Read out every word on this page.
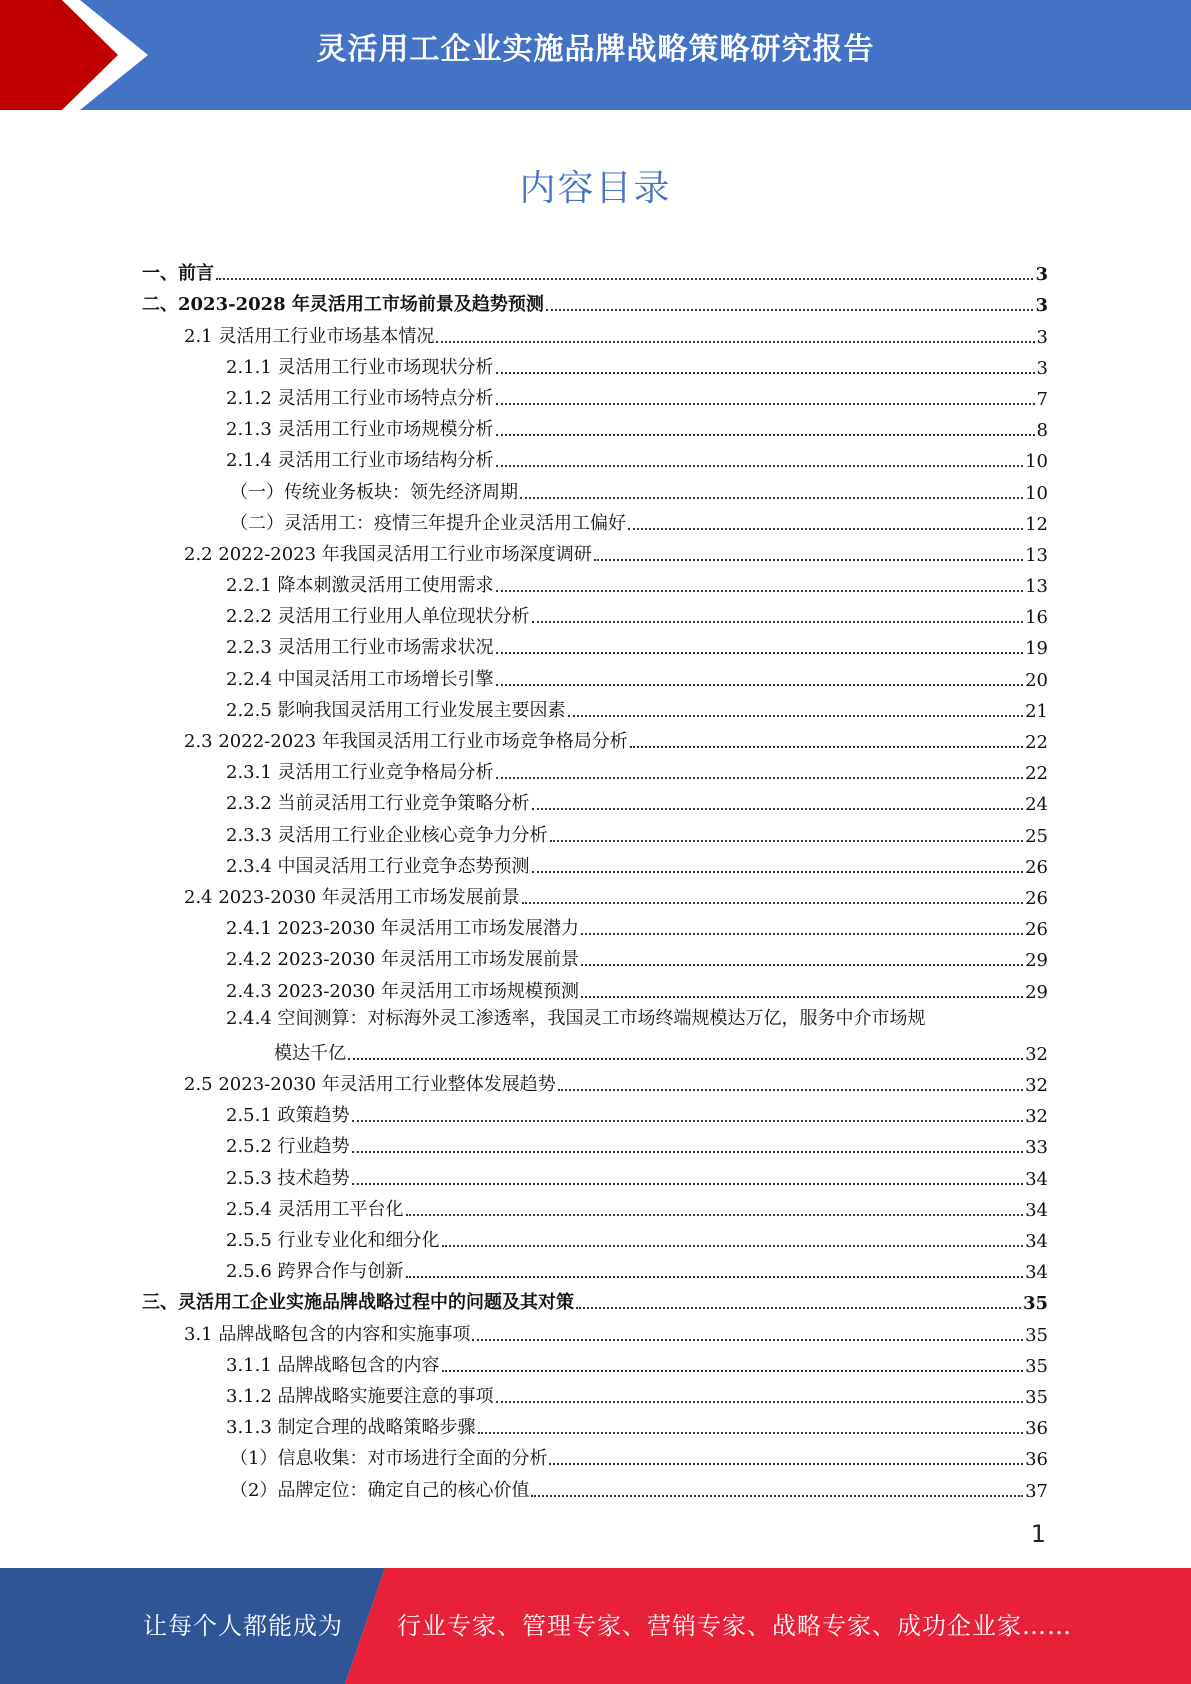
灵活用工企业实施品牌战略策略研究报告
内容目录
一、前言	3
二、2023-2028 年灵活用工市场前景及趋势预测	3
2.1 灵活用工行业市场基本情况	3
2.1.1 灵活用工行业市场现状分析	3
2.1.2 灵活用工行业市场特点分析	7
2.1.3 灵活用工行业市场规模分析	8
2.1.4 灵活用工行业市场结构分析	10
（一）传统业务板块：领先经济周期	10
（二）灵活用工：疫情三年提升企业灵活用工偏好	12
2.2 2022-2023 年我国灵活用工行业市场深度调研	13
2.2.1 降本刺激灵活用工使用需求	13
2.2.2 灵活用工行业用人单位现状分析	16
2.2.3 灵活用工行业市场需求状况	19
2.2.4 中国灵活用工市场增长引擎	20
2.2.5 影响我国灵活用工行业发展主要因素	21
2.3 2022-2023 年我国灵活用工行业市场竞争格局分析	22
2.3.1 灵活用工行业竞争格局分析	22
2.3.2 当前灵活用工行业竞争策略分析	24
2.3.3 灵活用工行业企业核心竞争力分析	25
2.3.4 中国灵活用工行业竞争态势预测	26
2.4 2023-2030 年灵活用工市场发展前景	26
2.4.1 2023-2030 年灵活用工市场发展潜力	26
2.4.2 2023-2030 年灵活用工市场发展前景	29
2.4.3 2023-2030 年灵活用工市场规模预测	29
2.4.4 空间测算：对标海外灵工渗透率，我国灵工市场终端规模达万亿，服务中介市场规
模达千亿	32
2.5 2023-2030 年灵活用工行业整体发展趋势	32
2.5.1 政策趋势	32
2.5.2 行业趋势	33
2.5.3 技术趋势	34
2.5.4 灵活用工平台化	34
2.5.5 行业专业化和细分化	34
2.5.6 跨界合作与创新	34
三、灵活用工企业实施品牌战略过程中的问题及其对策	35
3.1 品牌战略包含的内容和实施事项	35
3.1.1 品牌战略包含的内容	35
3.1.2 品牌战略实施要注意的事项	35
3.1.3 制定合理的战略策略步骤	36
（1）信息收集：对市场进行全面的分析	36
（2）品牌定位：确定自己的核心价值	37
1
让每个人都能成为 行业专家、管理专家、营销专家、战略专家、成功企业家……
